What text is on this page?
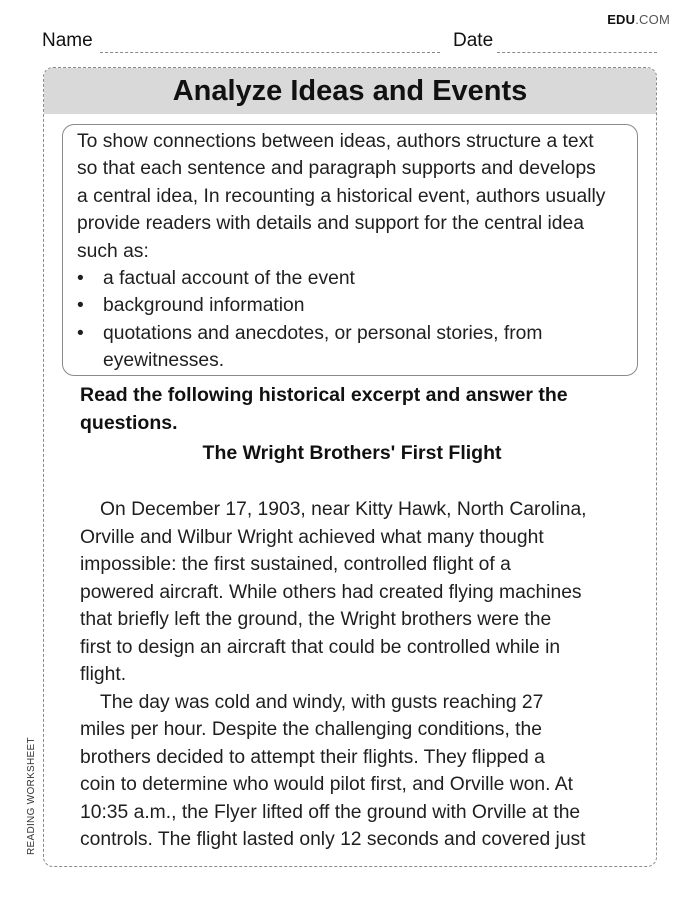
EDU.COM
Name	Date
Analyze Ideas and Events
To show connections between ideas, authors structure a text
so that each sentence and paragraph supports and develops
a central idea, In recounting a historical event, authors usually
provide readers with details and support for the central idea
such as:
• a factual account of the event
• background information
• quotations and anecdotes, or personal stories, from eyewitnesses.
Read the following historical excerpt and answer the
questions.
The Wright Brothers' First Flight
On December 17, 1903, near Kitty Hawk, North Carolina,
Orville and Wilbur Wright achieved what many thought
impossible: the first sustained, controlled flight of a
powered aircraft. While others had created flying machines
that briefly left the ground, the Wright brothers were the
first to design an aircraft that could be controlled while in
flight.
The day was cold and windy, with gusts reaching 27
miles per hour. Despite the challenging conditions, the
brothers decided to attempt their flights. They flipped a
coin to determine who would pilot first, and Orville won. At
10:35 a.m., the Flyer lifted off the ground with Orville at the
controls. The flight lasted only 12 seconds and covered just
READING WORKSHEET
